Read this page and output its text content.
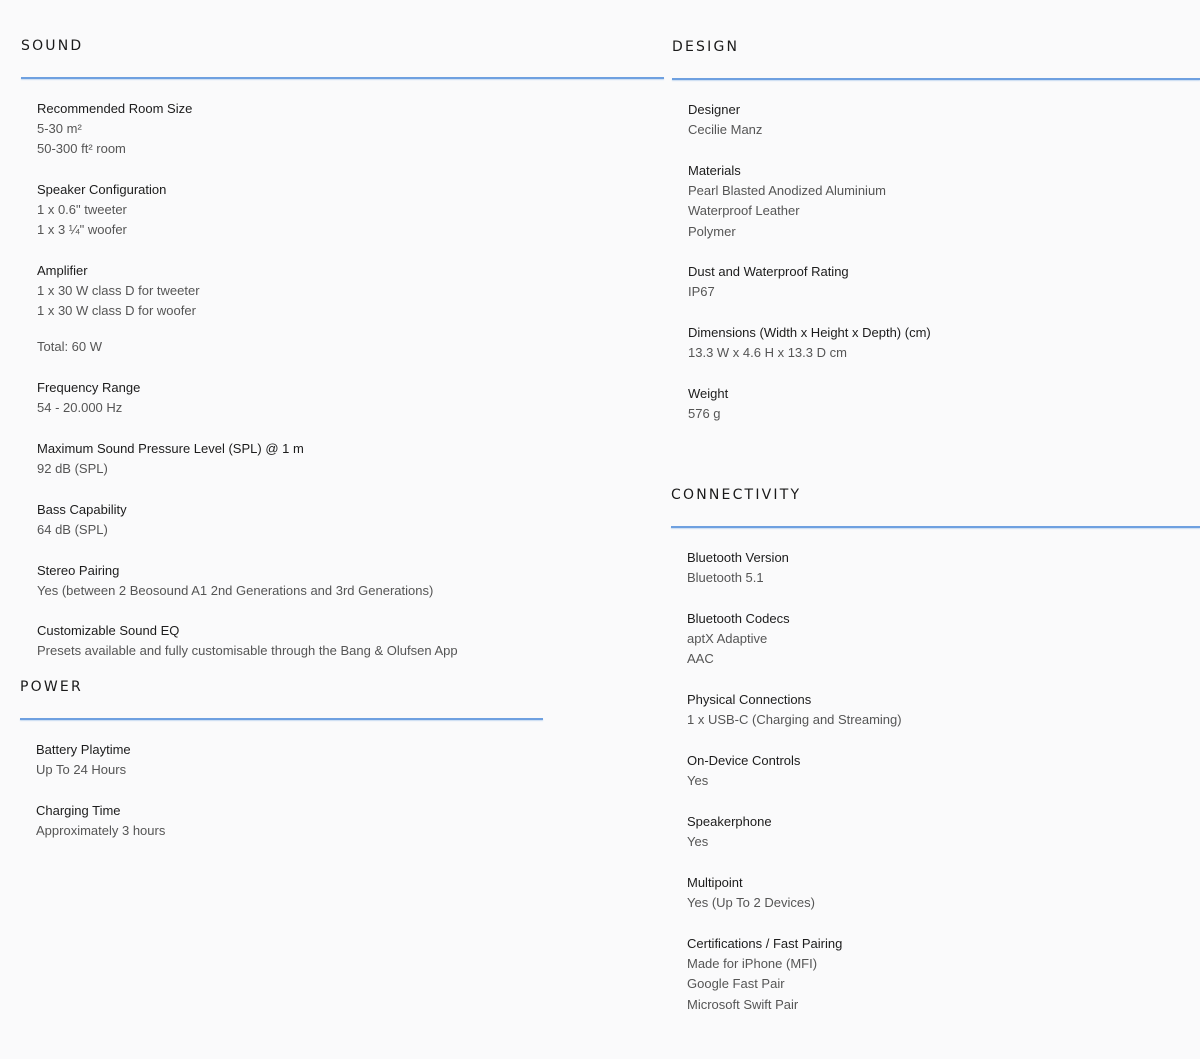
SOUND
Recommended Room Size
5-30 m²
50-300 ft² room
Speaker Configuration
1 x 0.6" tweeter
1 x 3 ¼" woofer
Amplifier
1 x 30 W class D for tweeter
1 x 30 W class D for woofer
Total: 60 W
Frequency Range
54 - 20.000 Hz
Maximum Sound Pressure Level (SPL) @ 1 m
92 dB (SPL)
Bass Capability
64 dB (SPL)
Stereo Pairing
Yes (between 2 Beosound A1 2nd Generations and 3rd Generations)
Customizable Sound EQ
Presets available and fully customisable through the Bang & Olufsen App
POWER
Battery Playtime
Up To 24 Hours
Charging Time
Approximately 3 hours
DESIGN
Designer
Cecilie Manz
Materials
Pearl Blasted Anodized Aluminium
Waterproof Leather
Polymer
Dust and Waterproof Rating
IP67
Dimensions (Width x Height x Depth) (cm)
13.3 W x 4.6 H x 13.3 D cm
Weight
576 g
CONNECTIVITY
Bluetooth Version
Bluetooth 5.1
Bluetooth Codecs
aptX Adaptive
AAC
Physical Connections
1 x USB-C (Charging and Streaming)
On-Device Controls
Yes
Speakerphone
Yes
Multipoint
Yes (Up To 2 Devices)
Certifications / Fast Pairing
Made for iPhone (MFI)
Google Fast Pair
Microsoft Swift Pair
